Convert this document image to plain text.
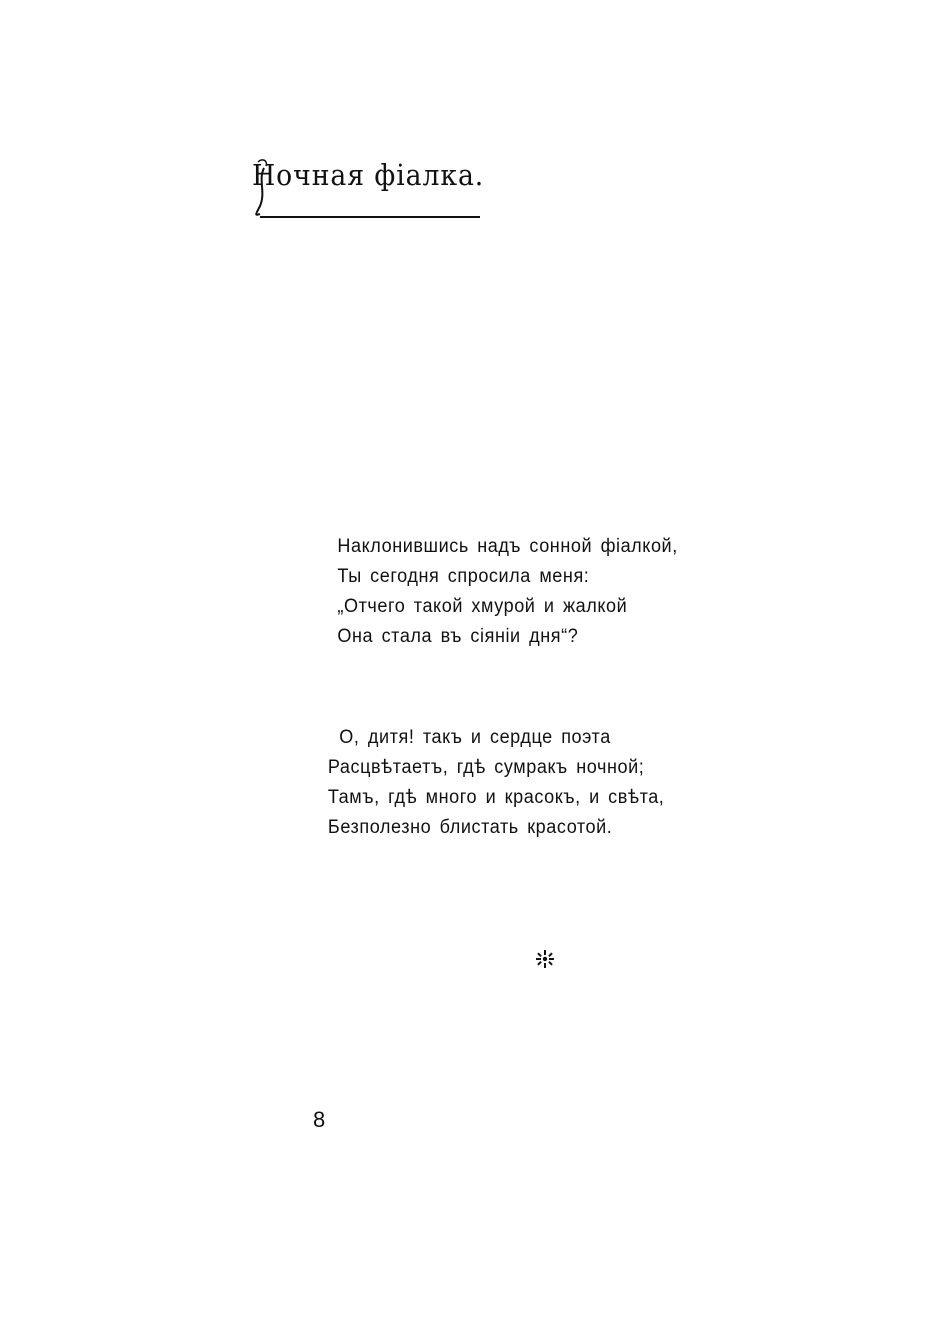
Ночная фіалка.
Наклонившись надъ сонной фіалкой,
Ты сегодня спросила меня:
„Отчего такой хмурой и жалкой
Она стала въ сіяніи дня“?
О, дитя! такъ и сердце поэта
Расцвѣтаетъ, гдѣ сумракъ ночной;
Тамъ, гдѣ много и красокъ, и свѣта,
Безполезно блистать красотой.
8
